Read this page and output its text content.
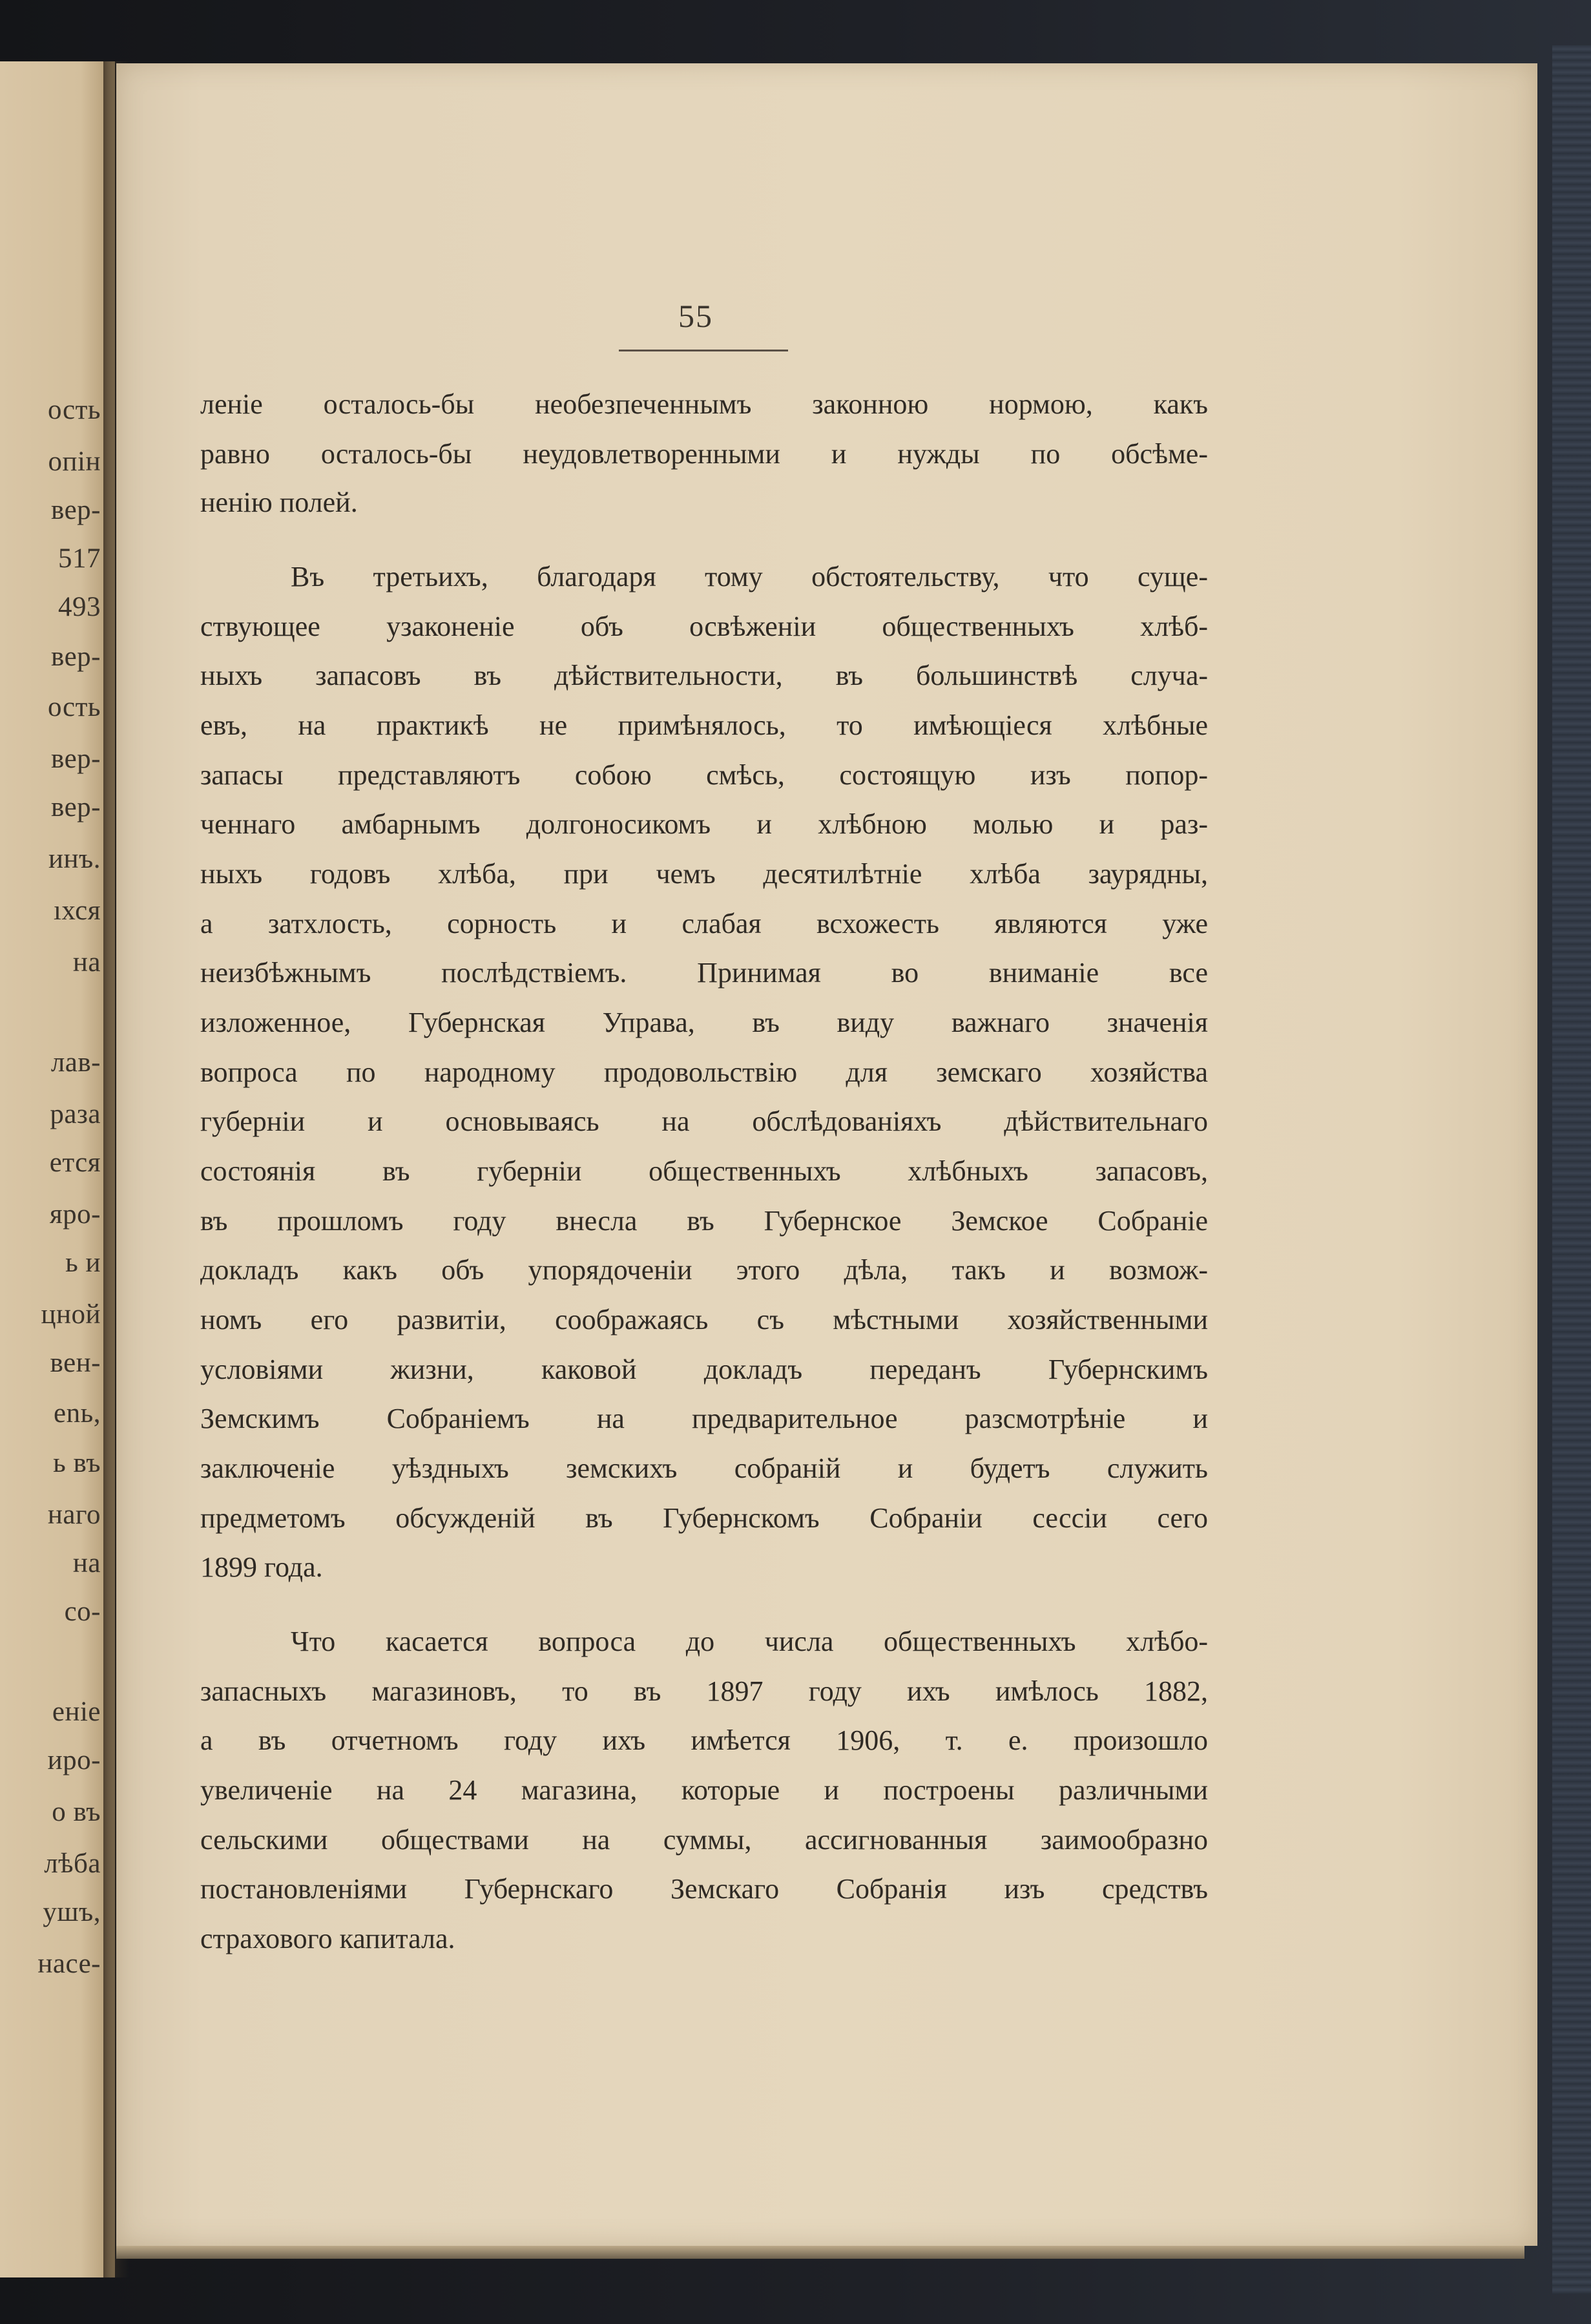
ость
опін
вер-
517
493
вер-
ость
вер-
вер-
инъ.
ıхся
на
лав-
раза
ется
яро-
ь и
цной
вен-
еnь,
ь въ
наго
на
со-
еніе
иро-
о въ
лѣба
ушъ,
насе-
55
леніе осталось-бы необезпеченнымъ законною нормою, какъ
равно осталось-бы неудовлетворенными и нужды по обсѣме-
ненію полей.
Въ третьихъ, благодаря тому обстоятельству, что суще-
ствующее узаконеніе объ освѣженіи общественныхъ хлѣб-
ныхъ запасовъ въ дѣйствительности, въ большинствѣ случа-
евъ, на практикѣ не примѣнялось, то имѣющіеся хлѣбные
запасы представляютъ собою смѣсь, состоящую изъ попор-
ченнаго амбарнымъ долгоносикомъ и хлѣбною молью и раз-
ныхъ годовъ хлѣба, при чемъ десятилѣтніе хлѣба заурядны,
а затхлость, сорность и слабая всхожесть являются уже
неизбѣжнымъ послѣдствіемъ. Принимая во вниманіе все
изложенное, Губернская Управа, въ виду важнаго значенія
вопроса по народному продовольствію для земскаго хозяйства
губерніи и основываясь на обслѣдованіяхъ дѣйствительнаго
состоянія въ губерніи общественныхъ хлѣбныхъ запасовъ,
въ прошломъ году внесла въ Губернское Земское Собраніе
докладъ какъ объ упорядоченіи этого дѣла, такъ и возмож-
номъ его развитіи, соображаясь съ мѣстными хозяйственными
условіями жизни, каковой докладъ переданъ Губернскимъ
Земскимъ Собраніемъ на предварительное разсмотрѣніе и
заключеніе уѣздныхъ земскихъ собраній и будетъ служить
предметомъ обсужденій въ Губернскомъ Собраніи сессіи сего
1899 года.
Что касается вопроса до числа общественныхъ хлѣбо-
запасныхъ магазиновъ, то въ 1897 году ихъ имѣлось 1882,
а въ отчетномъ году ихъ имѣется 1906, т. е. произошло
увеличеніе на 24 магазина, которые и построены различными
сельскими обществами на суммы, ассигнованныя заимообразно
постановленіями Губернскаго Земскаго Собранія изъ средствъ
страхового капитала.
